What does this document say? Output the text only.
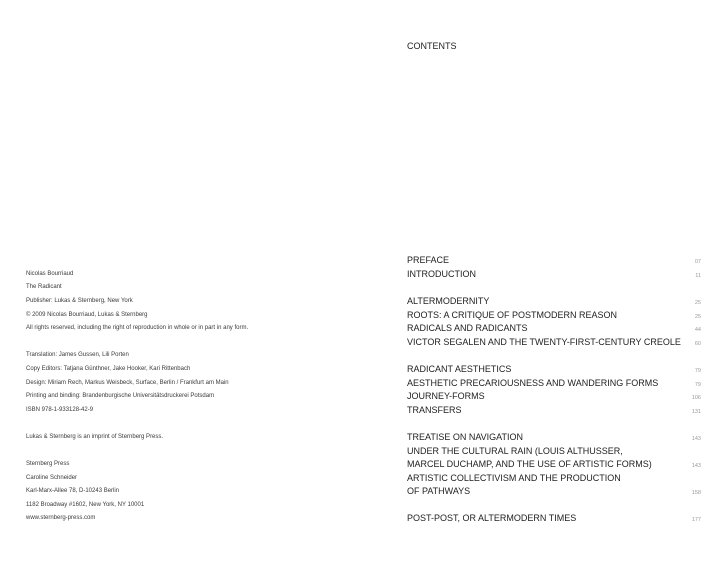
CONTENTS
Nicolas Bourriaud
The Radicant
Publisher: Lukas & Sternberg, New York
© 2009 Nicolas Bourriaud, Lukas & Sternberg
All rights reserved, including the right of reproduction in whole or in part in any form.
Translation: James Gussen, Lili Porten
Copy Editors: Tatjana Günthner, Jake Hooker, Kari Rittenbach
Design: Miriam Rech, Markus Weisbeck, Surface, Berlin / Frankfurt am Main
Printing and binding: Brandenburgische Universitätsdruckerei Potsdam
ISBN 978-1-933128-42-9
Lukas & Sternberg is an imprint of Sternberg Press.
Sternberg Press
Caroline Schneider
Karl-Marx-Allee 78, D-10243 Berlin
1182 Broadway #1602, New York, NY 10001
www.sternberg-press.com
PREFACE	07
INTRODUCTION	11
ALTERMODERNITY	25
ROOTS: A CRITIQUE OF POSTMODERN REASON	25
RADICALS AND RADICANTS	44
VICTOR SEGALEN AND THE TWENTY-FIRST-CENTURY CREOLE	60
RADICANT AESTHETICS	79
AESTHETIC PRECARIOUSNESS AND WANDERING FORMS	79
JOURNEY-FORMS	106
TRANSFERS	131
TREATISE ON NAVIGATION	143
UNDER THE CULTURAL RAIN (LOUIS ALTHUSSER,
MARCEL DUCHAMP, AND THE USE OF ARTISTIC FORMS)	143
ARTISTIC COLLECTIVISM AND THE PRODUCTION
OF PATHWAYS	158
POST-POST, OR ALTERMODERN TIMES	177
